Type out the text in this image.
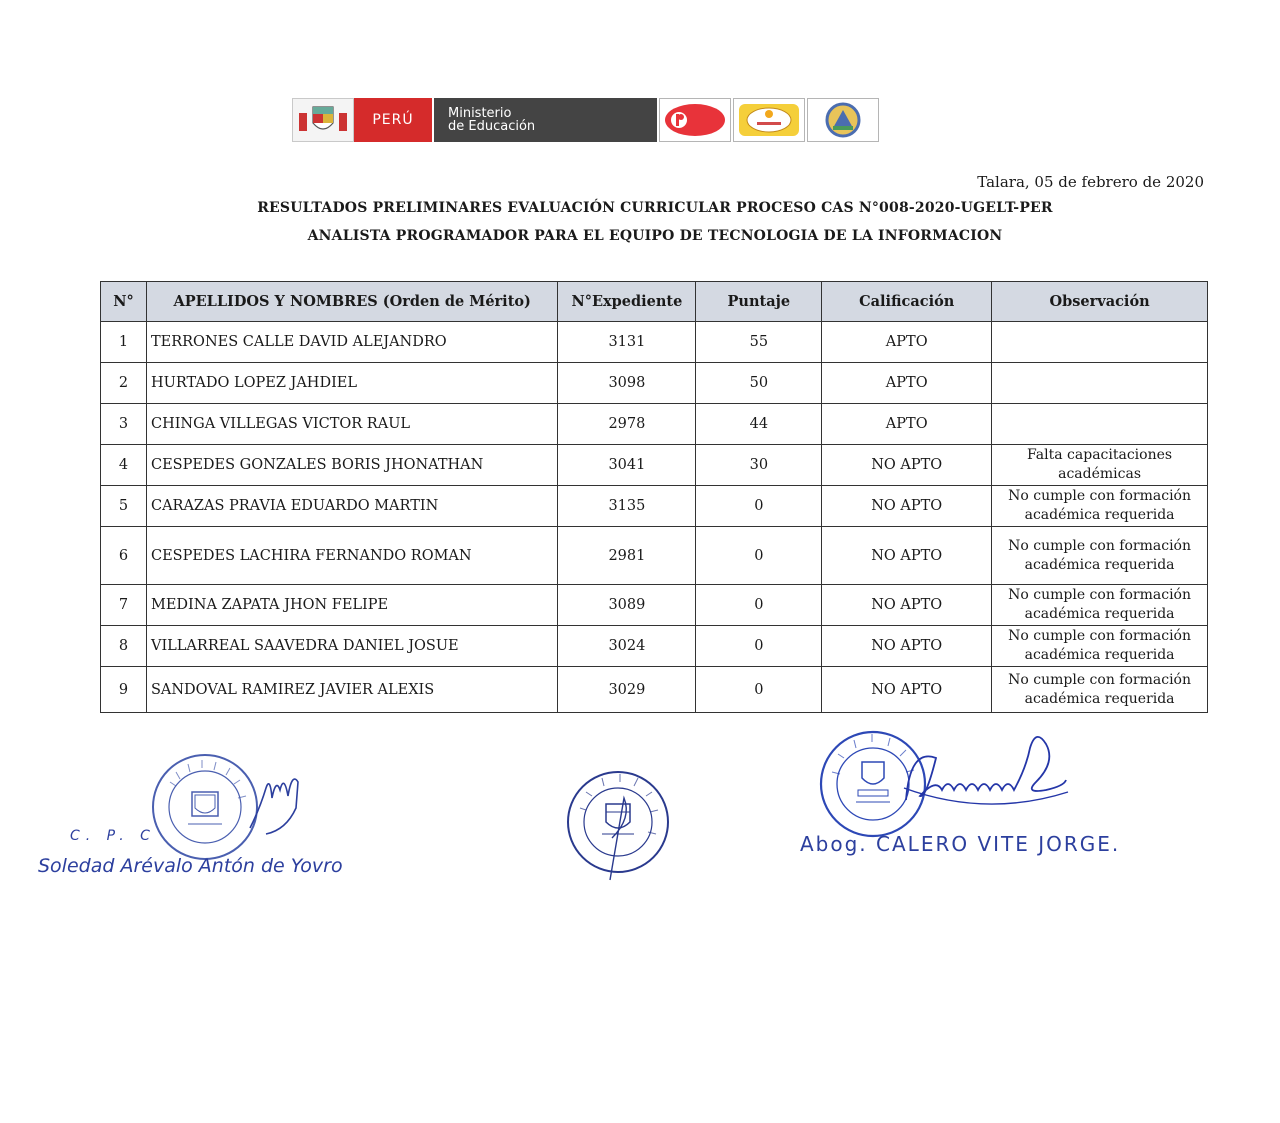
PERÚ	Ministerio
de Educación
Talara, 05 de febrero de 2020
RESULTADOS PRELIMINARES EVALUACIÓN CURRICULAR PROCESO CAS N°008-2020-UGELT-PER
ANALISTA PROGRAMADOR PARA EL EQUIPO DE TECNOLOGIA DE LA INFORMACION
N°	APELLIDOS Y NOMBRES (Orden de Mérito)	N°Expediente	Puntaje	Calificación	Observación
1	TERRONES CALLE DAVID ALEJANDRO	3131	55	APTO	

2	HURTADO LOPEZ JAHDIEL	3098	50	APTO	

3	CHINGA VILLEGAS VICTOR RAUL	2978	44	APTO	

4	CESPEDES GONZALES BORIS JHONATHAN	3041	30	NO APTO	Falta capacitaciones
académicas

5	CARAZAS PRAVIA EDUARDO MARTIN	3135	0	NO APTO	No cumple con formación
académica requerida

6	CESPEDES LACHIRA FERNANDO ROMAN	2981	0	NO APTO	No cumple con formación
académica requerida

7	MEDINA ZAPATA JHON FELIPE	3089	0	NO APTO	No cumple con formación
académica requerida

8	VILLARREAL SAAVEDRA DANIEL JOSUE	3024	0	NO APTO	No cumple con formación
académica requerida

9	SANDOVAL RAMIREZ JAVIER ALEXIS	3029	0	NO APTO	No cumple con formación
académica requerida
C. P. C
Soledad Arévalo Antón de Yovro
Abog. CALERO VITE JORGE.
